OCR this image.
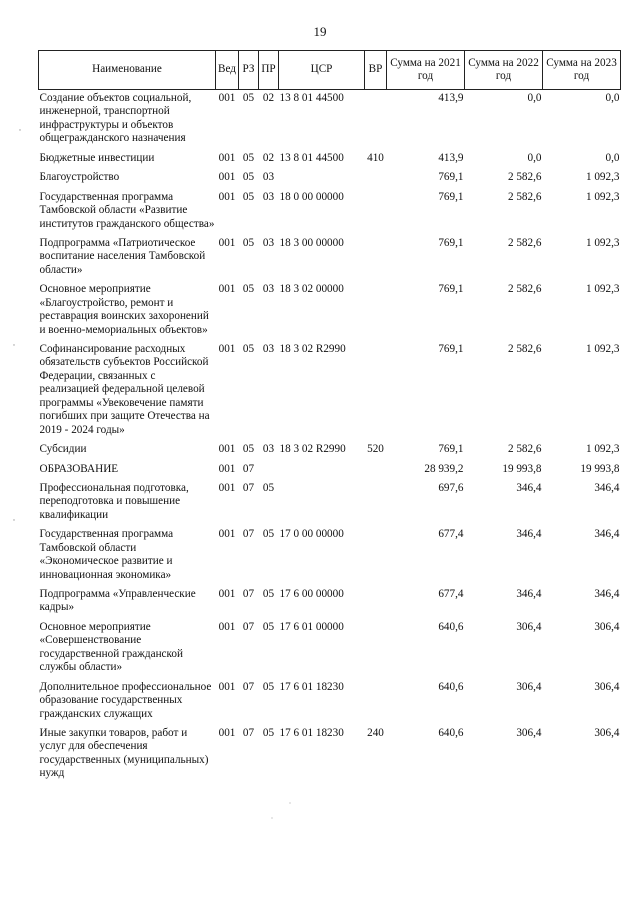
19
Наименование	Вед	РЗ	ПР	ЦСР	ВР	Сумма на 2021 год	Сумма на 2022 год	Сумма на 2023 год
Создание объектов социальной, инженерной, транспортной инфраструктуры и объектов общегражданского назначения	001	05	02	13 8 01 44500		413,9	0,0	0,0
Бюджетные инвестиции	001	05	02	13 8 01 44500	410	413,9	0,0	0,0
Благоустройство	001	05	03			769,1	2 582,6	1 092,3
Государственная программа Тамбовской области «Развитие институтов гражданского общества»	001	05	03	18 0 00 00000		769,1	2 582,6	1 092,3
Подпрограмма «Патриотическое воспитание населения Тамбовской области»	001	05	03	18 3 00 00000		769,1	2 582,6	1 092,3
Основное мероприятие «Благоустройство, ремонт и реставрация воинских захоронений и военно-мемориальных объектов»	001	05	03	18 3 02 00000		769,1	2 582,6	1 092,3
Софинансирование расходных обязательств субъектов Российской Федерации, связанных с реализацией федеральной целевой программы «Увековечение памяти погибших при защите Отечества на 2019 - 2024 годы»	001	05	03	18 3 02 R2990		769,1	2 582,6	1 092,3
Субсидии	001	05	03	18 3 02 R2990	520	769,1	2 582,6	1 092,3
ОБРАЗОВАНИЕ	001	07				28 939,2	19 993,8	19 993,8
Профессиональная подготовка, переподготовка и повышение квалификации	001	07	05			697,6	346,4	346,4
Государственная программа Тамбовской области «Экономическое развитие и инновационная экономика»	001	07	05	17 0 00 00000		677,4	346,4	346,4
Подпрограмма «Управленческие кадры»	001	07	05	17 6 00 00000		677,4	346,4	346,4
Основное мероприятие «Совершенствование государственной гражданской службы области»	001	07	05	17 6 01 00000		640,6	306,4	306,4
Дополнительное профессиональное образование государственных гражданских служащих	001	07	05	17 6 01 18230		640,6	306,4	306,4
Иные закупки товаров, работ и услуг для обеспечения государственных (муниципальных) нужд	001	07	05	17 6 01 18230	240	640,6	306,4	306,4
